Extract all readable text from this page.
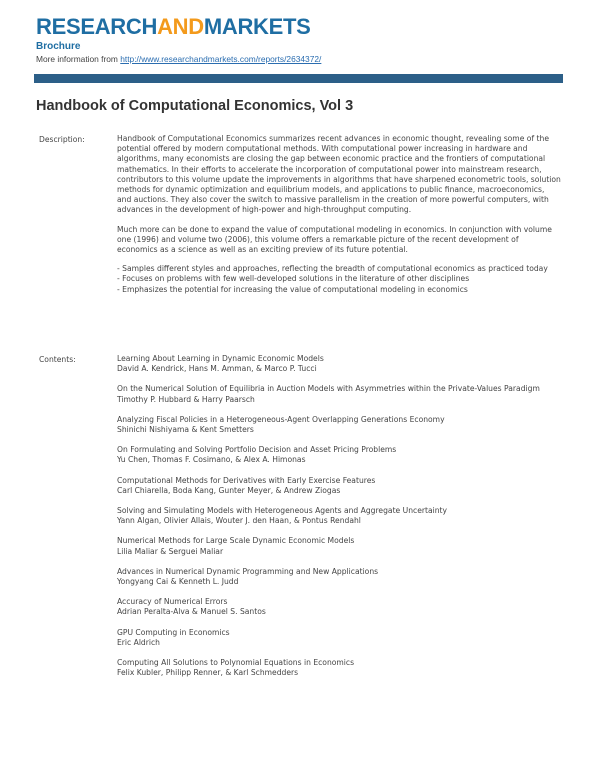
RESEARCHANDMARKETS
Brochure
More information from http://www.researchandmarkets.com/reports/2634372/
Handbook of Computational Economics, Vol 3
Description:	Handbook of Computational Economics summarizes recent advances in economic thought, revealing some of the potential offered by modern computational methods. With computational power increasing in hardware and algorithms, many economists are closing the gap between economic practice and the frontiers of computational mathematics. In their efforts to accelerate the incorporation of computational power into mainstream research, contributors to this volume update the improvements in algorithms that have sharpened econometric tools, solution methods for dynamic optimization and equilibrium models, and applications to public finance, macroeconomics, and auctions. They also cover the switch to massive parallelism in the creation of more powerful computers, with advances in the development of high-power and high-throughput computing.

Much more can be done to expand the value of computational modeling in economics. In conjunction with volume one (1996) and volume two (2006), this volume offers a remarkable picture of the recent development of economics as a science as well as an exciting preview of its future potential.

- Samples different styles and approaches, reflecting the breadth of computational economics as practiced today
- Focuses on problems with few well-developed solutions in the literature of other disciplines
- Emphasizes the potential for increasing the value of computational modeling in economics
Contents:	Learning About Learning in Dynamic Economic Models
David A. Kendrick, Hans M. Amman, & Marco P. Tucci
On the Numerical Solution of Equilibria in Auction Models with Asymmetries within the Private-Values Paradigm
Timothy P. Hubbard & Harry Paarsch
Analyzing Fiscal Policies in a Heterogeneous-Agent Overlapping Generations Economy
Shinichi Nishiyama & Kent Smetters
On Formulating and Solving Portfolio Decision and Asset Pricing Problems
Yu Chen, Thomas F. Cosimano, & Alex A. Himonas
Computational Methods for Derivatives with Early Exercise Features
Carl Chiarella, Boda Kang, Gunter Meyer, & Andrew Ziogas
Solving and Simulating Models with Heterogeneous Agents and Aggregate Uncertainty
Yann Algan, Olivier Allais, Wouter J. den Haan, & Pontus Rendahl
Numerical Methods for Large Scale Dynamic Economic Models
Lilia Maliar & Serguei Maliar
Advances in Numerical Dynamic Programming and New Applications
Yongyang Cai & Kenneth L. Judd
Accuracy of Numerical Errors
Adrian Peralta-Alva & Manuel S. Santos
GPU Computing in Economics
Eric Aldrich
Computing All Solutions to Polynomial Equations in Economics
Felix Kubler, Philipp Renner, & Karl Schmedders
